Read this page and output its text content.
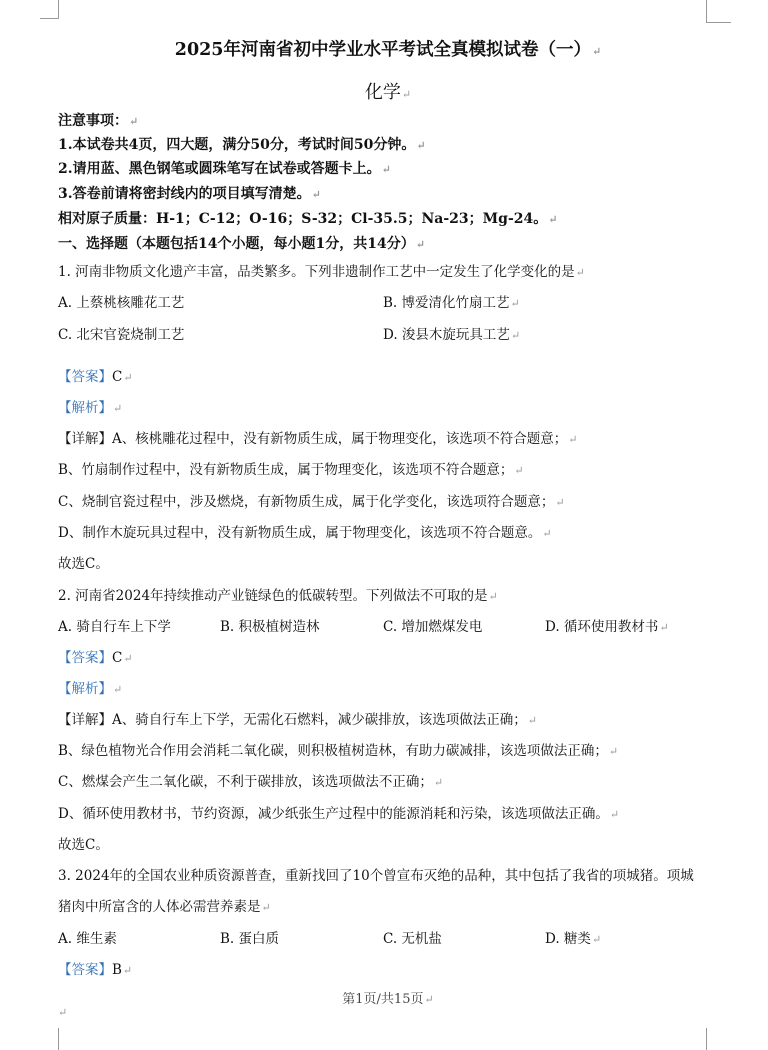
2025年河南省初中学业水平考试全真模拟试卷（一）↵
化学↵
注意事项：↵
1.本试卷共4页，四大题，满分50分，考试时间50分钟。↵
2.请用蓝、黑色钢笔或圆珠笔写在试卷或答题卡上。↵
3.答卷前请将密封线内的项目填写清楚。↵
相对原子质量：H-1；C-12；O-16；S-32；Cl-35.5；Na-23；Mg-24。↵
一、选择题（本题包括14个小题，每小题1分，共14分）↵
1. 河南非物质文化遗产丰富，品类繁多。下列非遗制作工艺中一定发生了化学变化的是↵
A. 上蔡桃核雕花工艺	B. 博爱清化竹扇工艺↵
C. 北宋官瓷烧制工艺	D. 浚县木旋玩具工艺↵
【答案】C↵
【解析】↵
【详解】A、核桃雕花过程中，没有新物质生成，属于物理变化，该选项不符合题意；↵
B、竹扇制作过程中，没有新物质生成，属于物理变化，该选项不符合题意；↵
C、烧制官瓷过程中，涉及燃烧，有新物质生成，属于化学变化，该选项符合题意；↵
D、制作木旋玩具过程中，没有新物质生成，属于物理变化，该选项不符合题意。↵
故选C。
2. 河南省2024年持续推动产业链绿色的低碳转型。下列做法不可取的是↵
A. 骑自行车上下学	B. 积极植树造林	C. 增加燃煤发电	D. 循环使用教材书↵
【答案】C↵
【解析】↵
【详解】A、骑自行车上下学，无需化石燃料，减少碳排放，该选项做法正确；↵
B、绿色植物光合作用会消耗二氧化碳，则积极植树造林，有助力碳减排，该选项做法正确；↵
C、燃煤会产生二氧化碳，不利于碳排放，该选项做法不正确；↵
D、循环使用教材书，节约资源，减少纸张生产过程中的能源消耗和污染，该选项做法正确。↵
故选C。
3. 2024年的全国农业种质资源普查，重新找回了10个曾宣布灭绝的品种，其中包括了我省的项城猪。项城
猪肉中所富含的人体必需营养素是↵
A. 维生素	B. 蛋白质	C. 无机盐	D. 糖类↵
【答案】B↵
第1页/共15页↵
↵
